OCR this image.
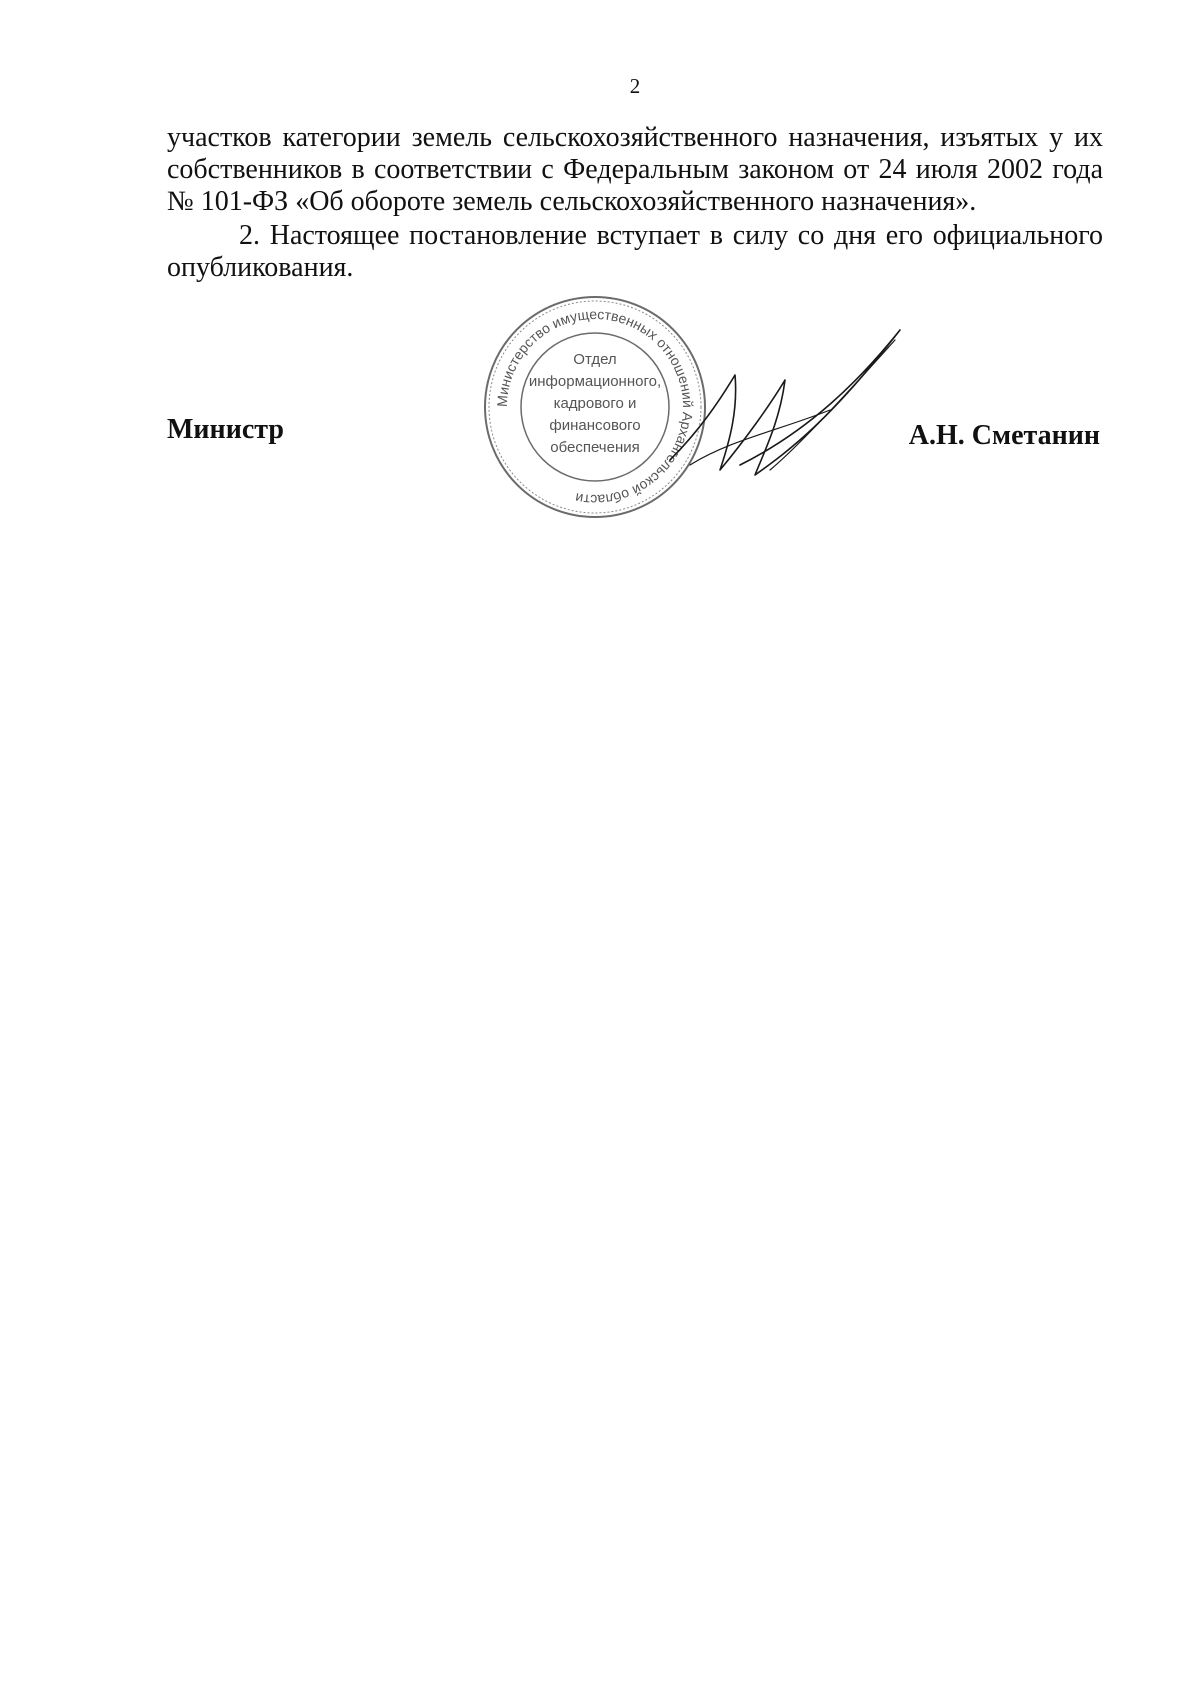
2

участков категории земель сельскохозяйственного назначения, изъятых у их собственников в соответствии с Федеральным законом от 24 июля 2002 года № 101-ФЗ «Об обороте земель сельскохозяйственного назначения».

2. Настоящее постановление вступает в силу со дня его официального опубликования.

Министерство имущественных отношений Архангельской области
Отдел
информационного,
кадрового и
финансового
обеспечения
Министр	А.Н. Сметанин
